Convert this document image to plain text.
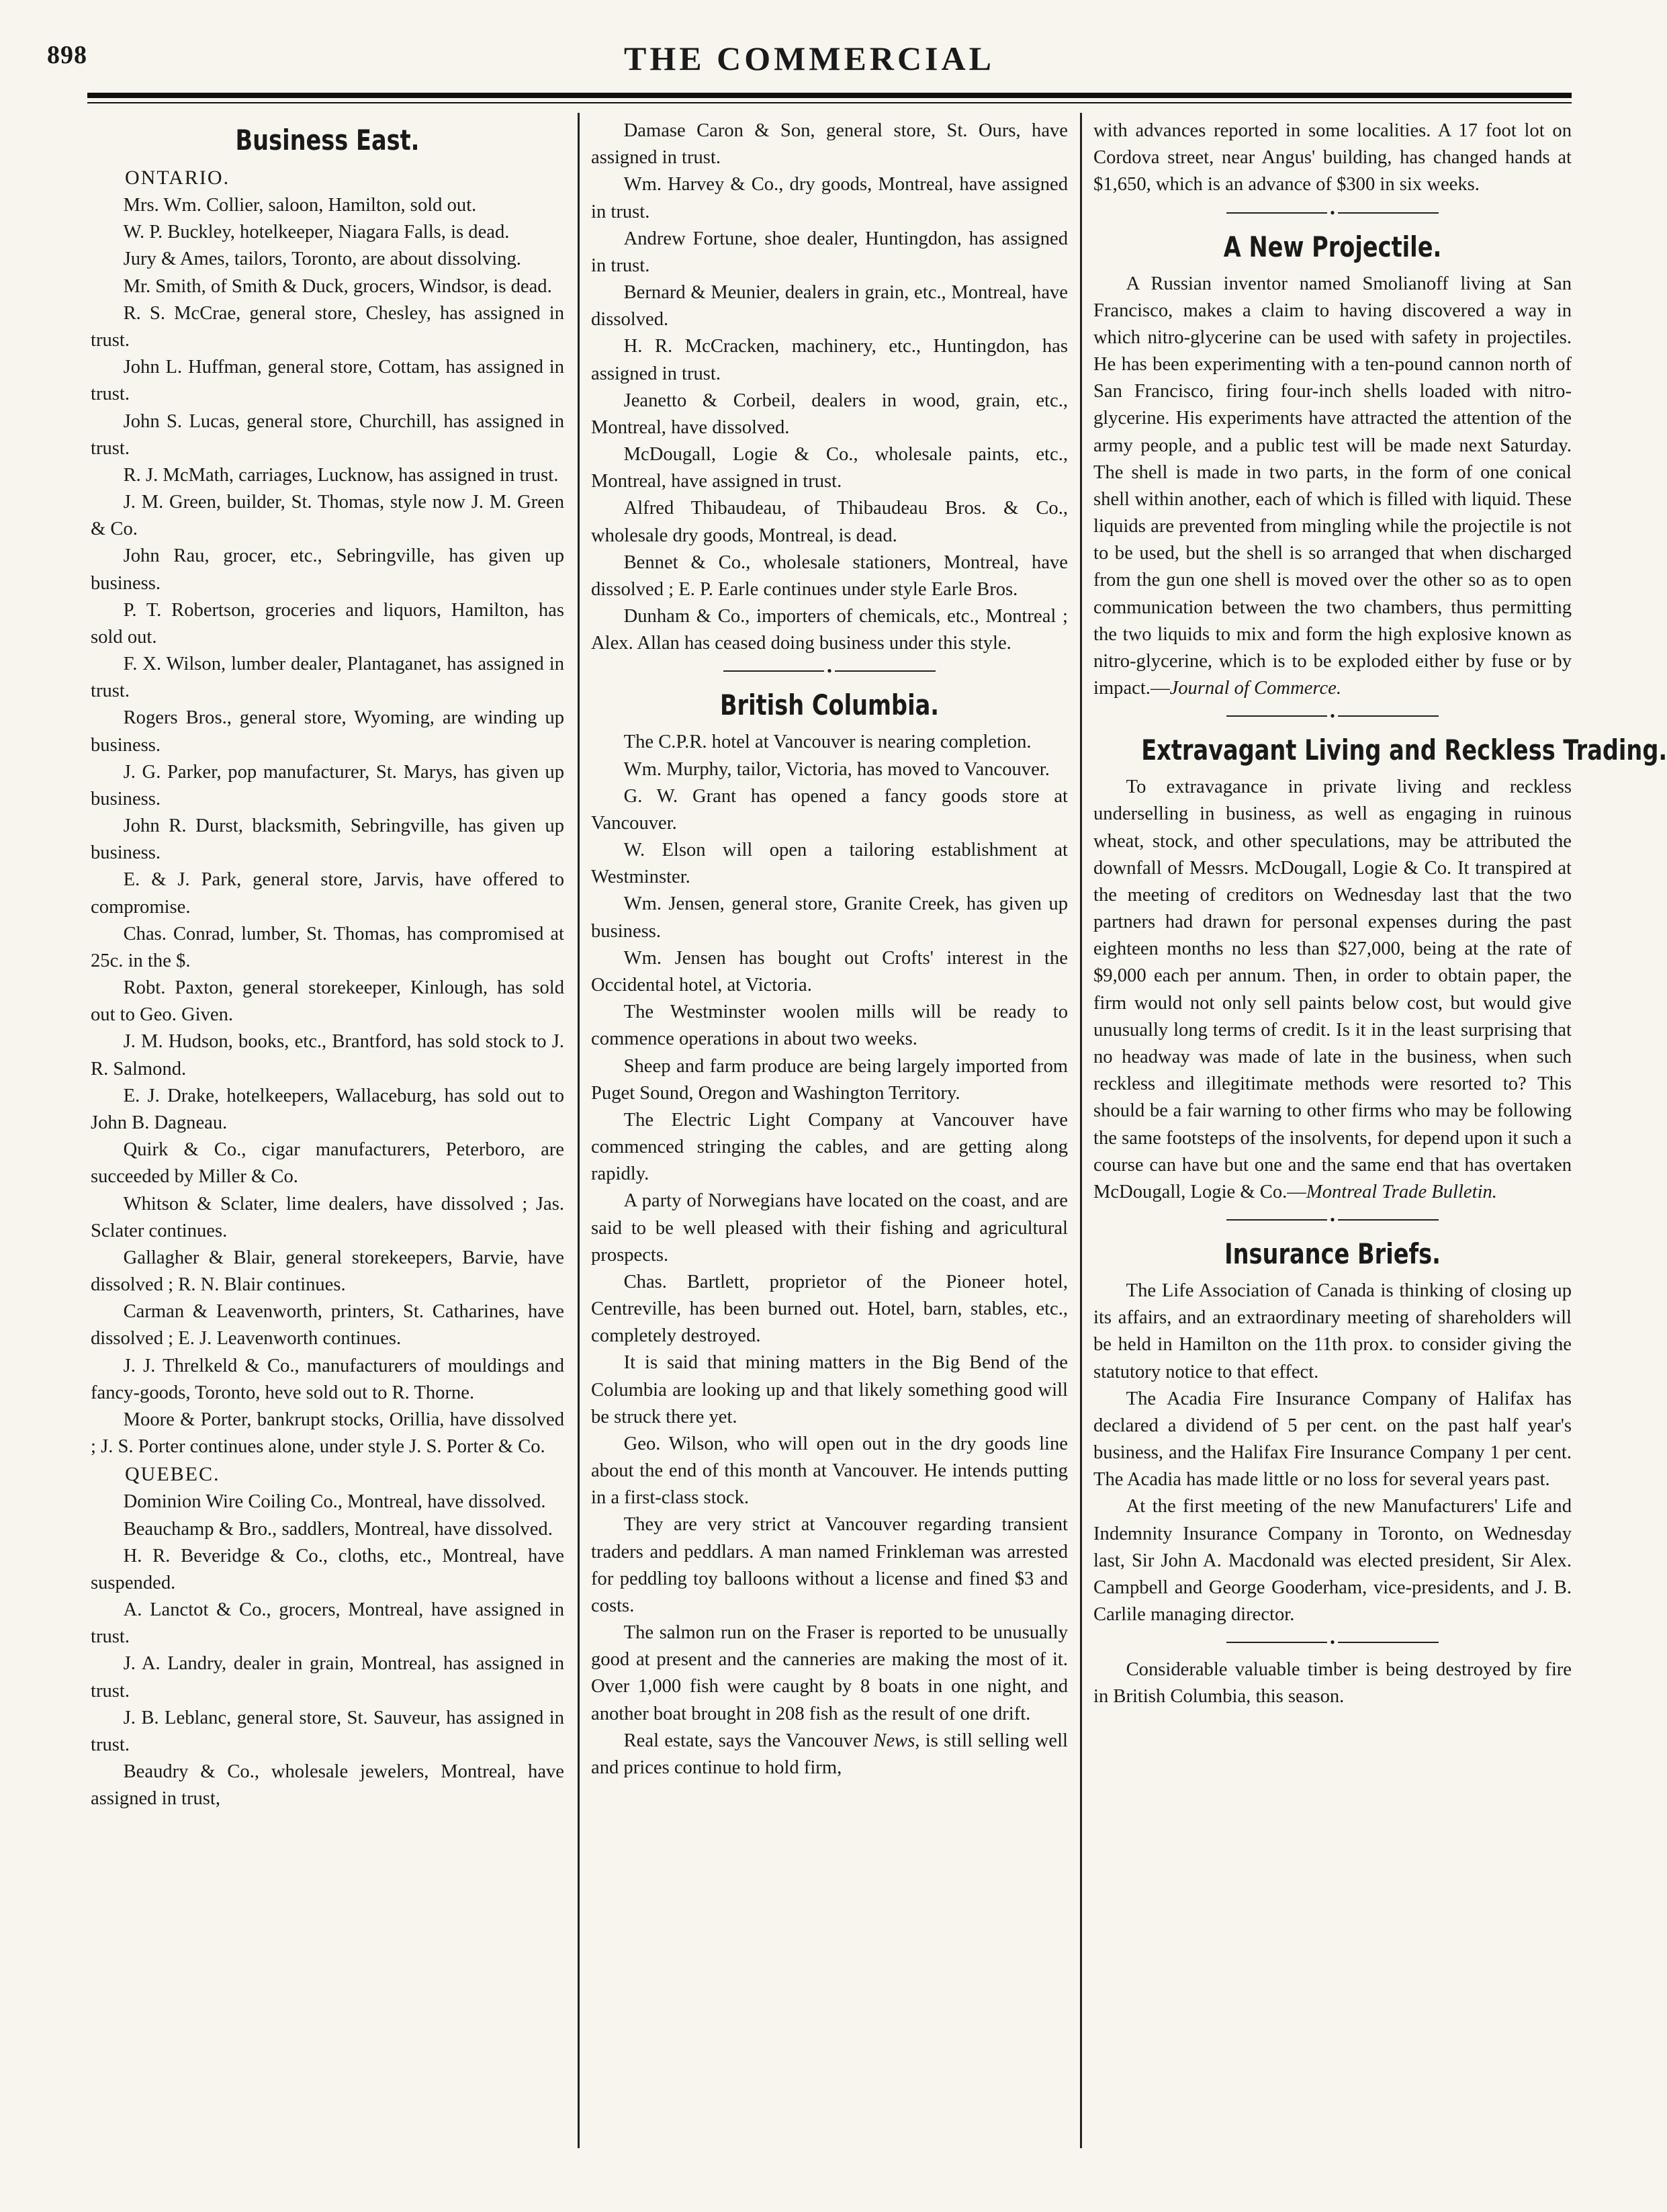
898	THE COMMERCIAL
Business East.

ONTARIO.

Mrs. Wm. Collier, saloon, Hamilton, sold out.

W. P. Buckley, hotelkeeper, Niagara Falls, is dead.

Jury & Ames, tailors, Toronto, are about dissolving.

Mr. Smith, of Smith & Duck, grocers, Windsor, is dead.

R. S. McCrae, general store, Chesley, has assigned in trust.

John L. Huffman, general store, Cottam, has assigned in trust.

John S. Lucas, general store, Churchill, has assigned in trust.

R. J. McMath, carriages, Lucknow, has assigned in trust.

J. M. Green, builder, St. Thomas, style now J. M. Green & Co.

John Rau, grocer, etc., Sebringville, has given up business.

P. T. Robertson, groceries and liquors, Hamilton, has sold out.

F. X. Wilson, lumber dealer, Plantaganet, has assigned in trust.

Rogers Bros., general store, Wyoming, are winding up business.

J. G. Parker, pop manufacturer, St. Marys, has given up business.

John R. Durst, blacksmith, Sebringville, has given up business.

E. & J. Park, general store, Jarvis, have offered to compromise.

Chas. Conrad, lumber, St. Thomas, has compromised at 25c. in the $.

Robt. Paxton, general storekeeper, Kinlough, has sold out to Geo. Given.

J. M. Hudson, books, etc., Brantford, has sold stock to J. R. Salmond.

E. J. Drake, hotelkeepers, Wallaceburg, has sold out to John B. Dagneau.

Quirk & Co., cigar manufacturers, Peterboro, are succeeded by Miller & Co.

Whitson & Sclater, lime dealers, have dissolved ; Jas. Sclater continues.

Gallagher & Blair, general storekeepers, Barvie, have dissolved ; R. N. Blair continues.

Carman & Leavenworth, printers, St. Catharines, have dissolved ; E. J. Leavenworth continues.

J. J. Threlkeld & Co., manufacturers of mouldings and fancy-goods, Toronto, heve sold out to R. Thorne.

Moore & Porter, bankrupt stocks, Orillia, have dissolved ; J. S. Porter continues alone, under style J. S. Porter & Co.

QUEBEC.

Dominion Wire Coiling Co., Montreal, have dissolved.

Beauchamp & Bro., saddlers, Montreal, have dissolved.

H. R. Beveridge & Co., cloths, etc., Montreal, have suspended.

A. Lanctot & Co., grocers, Montreal, have assigned in trust.

J. A. Landry, dealer in grain, Montreal, has assigned in trust.

J. B. Leblanc, general store, St. Sauveur, has assigned in trust.

Beaudry & Co., wholesale jewelers, Montreal, have assigned in trust,

Damase Caron & Son, general store, St. Ours, have assigned in trust.

Wm. Harvey & Co., dry goods, Montreal, have assigned in trust.

Andrew Fortune, shoe dealer, Huntingdon, has assigned in trust.

Bernard & Meunier, dealers in grain, etc., Montreal, have dissolved.

H. R. McCracken, machinery, etc., Huntingdon, has assigned in trust.

Jeanetto & Corbeil, dealers in wood, grain, etc., Montreal, have dissolved.

McDougall, Logie & Co., wholesale paints, etc., Montreal, have assigned in trust.

Alfred Thibaudeau, of Thibaudeau Bros. & Co., wholesale dry goods, Montreal, is dead.

Bennet & Co., wholesale stationers, Montreal, have dissolved ; E. P. Earle continues under style Earle Bros.

Dunham & Co., importers of chemicals, etc., Montreal ; Alex. Allan has ceased doing business under this style.

•
British Columbia.

The C.P.R. hotel at Vancouver is nearing completion.

Wm. Murphy, tailor, Victoria, has moved to Vancouver.

G. W. Grant has opened a fancy goods store at Vancouver.

W. Elson will open a tailoring establishment at Westminster.

Wm. Jensen, general store, Granite Creek, has given up business.

Wm. Jensen has bought out Crofts' interest in the Occidental hotel, at Victoria.

The Westminster woolen mills will be ready to commence operations in about two weeks.

Sheep and farm produce are being largely imported from Puget Sound, Oregon and Washington Territory.

The Electric Light Company at Vancouver have commenced stringing the cables, and are getting along rapidly.

A party of Norwegians have located on the coast, and are said to be well pleased with their fishing and agricultural prospects.

Chas. Bartlett, proprietor of the Pioneer hotel, Centreville, has been burned out. Hotel, barn, stables, etc., completely destroyed.

It is said that mining matters in the Big Bend of the Columbia are looking up and that likely something good will be struck there yet.

Geo. Wilson, who will open out in the dry goods line about the end of this month at Vancouver. He intends putting in a first-class stock.

They are very strict at Vancouver regarding transient traders and peddlars. A man named Frinkleman was arrested for peddling toy balloons without a license and fined $3 and costs.

The salmon run on the Fraser is reported to be unusually good at present and the canneries are making the most of it. Over 1,000 fish were caught by 8 boats in one night, and another boat brought in 208 fish as the result of one drift.

Real estate, says the Vancouver News, is still selling well and prices continue to hold firm,

with advances reported in some localities. A 17 foot lot on Cordova street, near Angus' building, has changed hands at $1,650, which is an advance of $300 in six weeks.

•
A New Projectile.

A Russian inventor named Smolianoff living at San Francisco, makes a claim to having discovered a way in which nitro-glycerine can be used with safety in projectiles. He has been experimenting with a ten-pound cannon north of San Francisco, firing four-inch shells loaded with nitro-glycerine. His experiments have attracted the attention of the army people, and a public test will be made next Saturday. The shell is made in two parts, in the form of one conical shell within another, each of which is filled with liquid. These liquids are prevented from mingling while the projectile is not to be used, but the shell is so arranged that when discharged from the gun one shell is moved over the other so as to open communication between the two chambers, thus permitting the two liquids to mix and form the high explosive known as nitro-glycerine, which is to be exploded either by fuse or by impact.—Journal of Commerce.

•
Extravagant Living and Reckless Trading.

To extravagance in private living and reckless underselling in business, as well as engaging in ruinous wheat, stock, and other speculations, may be attributed the downfall of Messrs. McDougall, Logie & Co. It transpired at the meeting of creditors on Wednesday last that the two partners had drawn for personal expenses during the past eighteen months no less than $27,000, being at the rate of $9,000 each per annum. Then, in order to obtain paper, the firm would not only sell paints below cost, but would give unusually long terms of credit. Is it in the least surprising that no headway was made of late in the business, when such reckless and illegitimate methods were resorted to? This should be a fair warning to other firms who may be following the same footsteps of the insolvents, for depend upon it such a course can have but one and the same end that has overtaken McDougall, Logie & Co.—Montreal Trade Bulletin.

•
Insurance Briefs.

The Life Association of Canada is thinking of closing up its affairs, and an extraordinary meeting of shareholders will be held in Hamilton on the 11th prox. to consider giving the statutory notice to that effect.

The Acadia Fire Insurance Company of Halifax has declared a dividend of 5 per cent. on the past half year's business, and the Halifax Fire Insurance Company 1 per cent. The Acadia has made little or no loss for several years past.

At the first meeting of the new Manufacturers' Life and Indemnity Insurance Company in Toronto, on Wednesday last, Sir John A. Macdonald was elected president, Sir Alex. Campbell and George Gooderham, vice-presidents, and J. B. Carlile managing director.

•

Considerable valuable timber is being destroyed by fire in British Columbia, this season.
